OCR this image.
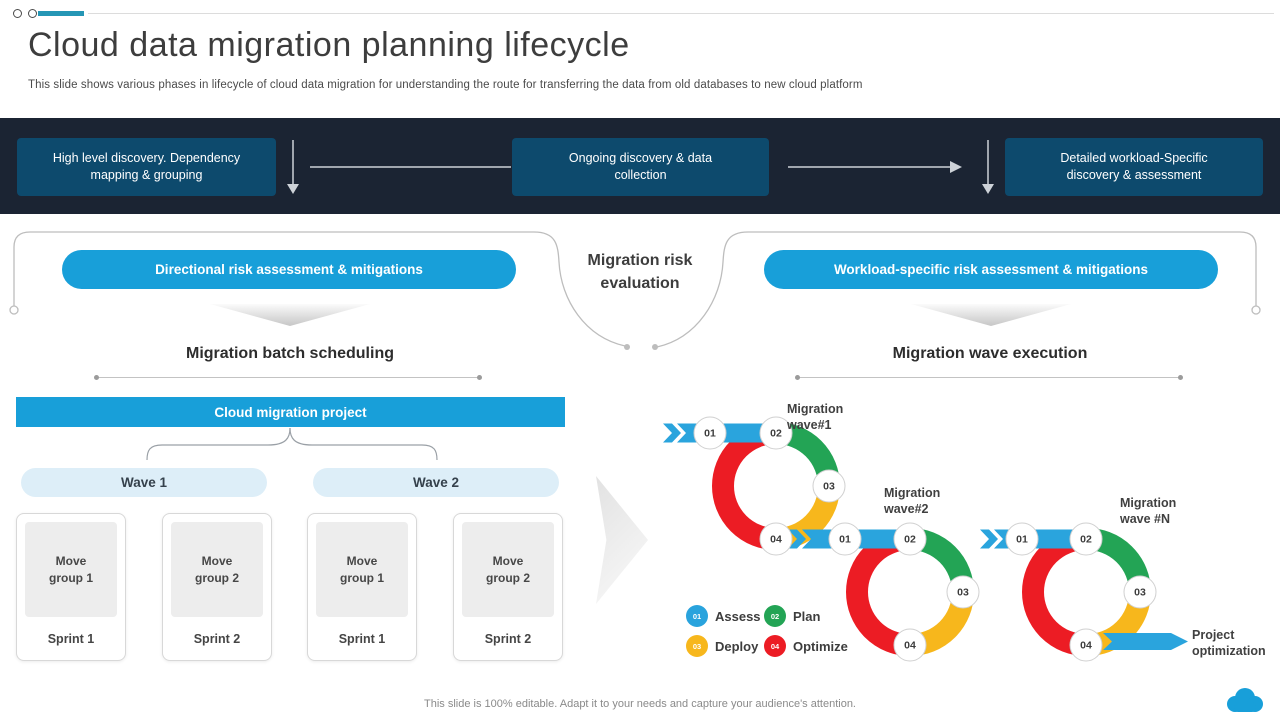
Cloud data migration planning lifecycle
This slide shows various phases in lifecycle of cloud data migration for understanding the route for transferring the data from old databases to new cloud platform
High level discovery. Dependency mapping & grouping
Ongoing discovery & data collection
Detailed workload-Specific discovery & assessment
Directional risk assessment & mitigations	Workload-specific risk assessment & mitigations
Migration risk evaluation
Migration batch scheduling
Cloud migration project
Wave 1	Wave 2
Move group 1
Sprint 1
Move group 2
Sprint 2
Move group 1
Sprint 1
Move group 2
Sprint 2
Migration wave execution
01	02
03
04	01	02
03
04
01	02
03
04
Migration wave#1
Migration wave#2	Migration wave #N
Project optimization
01	Assess	02	Plan
03	Deploy	04	Optimize
This slide is 100% editable. Adapt it to your needs and capture your audience's attention.
